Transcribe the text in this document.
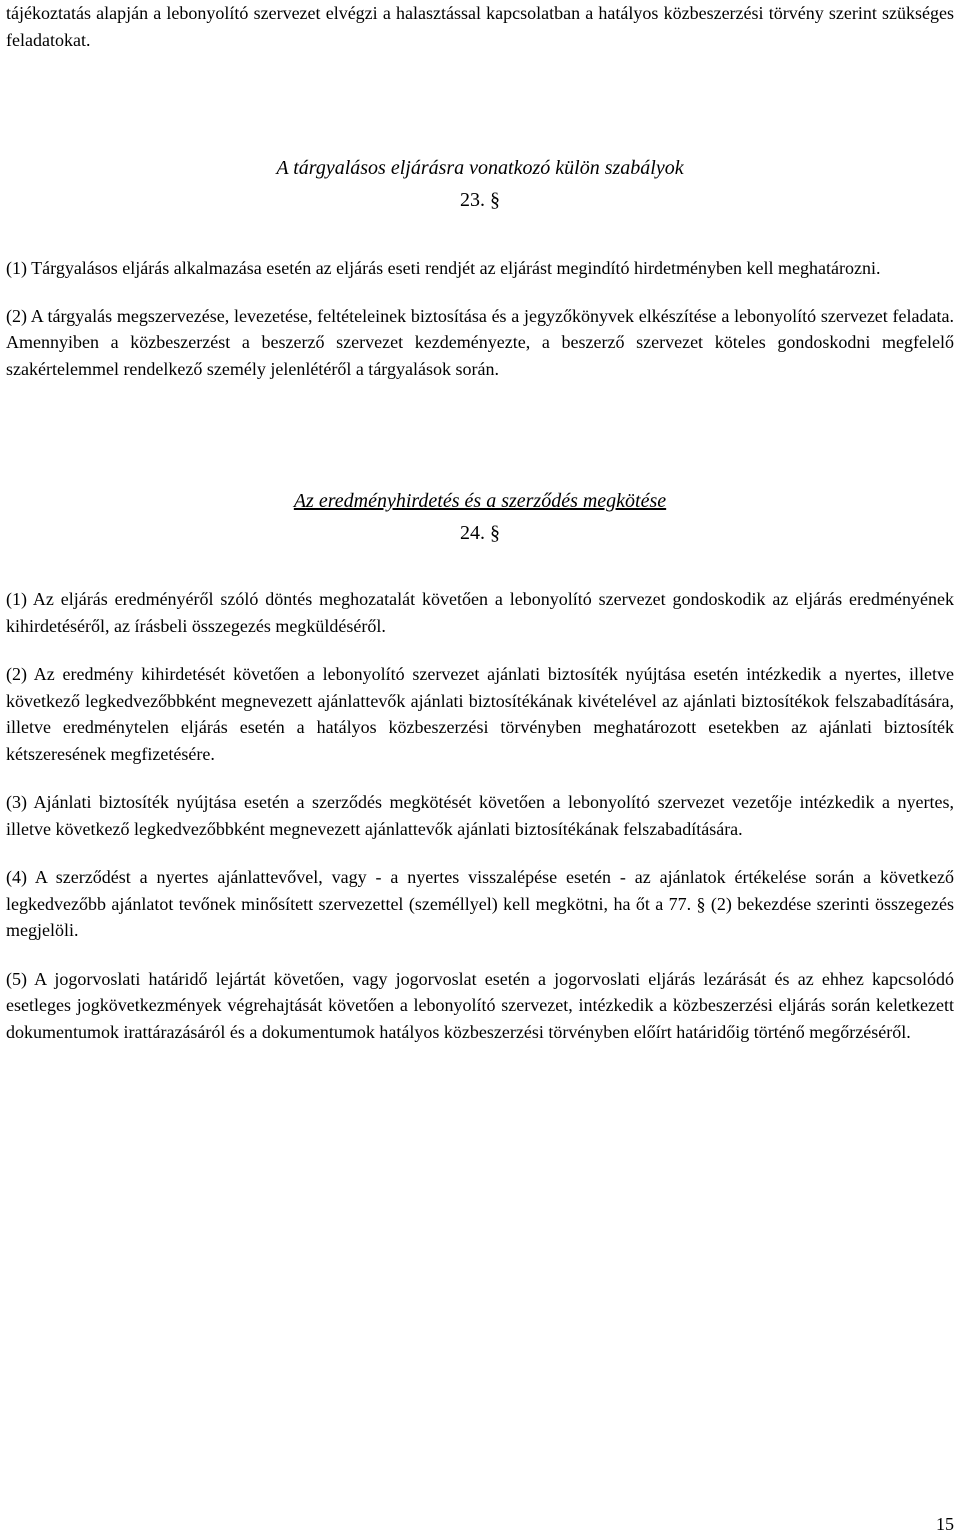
tájékoztatás alapján a lebonyolító szervezet elvégzi a halasztással kapcsolatban a hatályos közbeszerzési törvény szerint szükséges feladatokat.

A tárgyalásos eljárásra vonatkozó külön szabályok
23. §

(1) Tárgyalásos eljárás alkalmazása esetén az eljárás eseti rendjét az eljárást megindító hirdetményben kell meghatározni.

(2) A tárgyalás megszervezése, levezetése, feltételeinek biztosítása és a jegyzőkönyvek elkészítése a lebonyolító szervezet feladata. Amennyiben a közbeszerzést a beszerző szervezet kezdeményezte, a beszerző szervezet köteles gondoskodni megfelelő szakértelemmel rendelkező személy jelenlétéről a tárgyalások során.

Az eredményhirdetés és a szerződés megkötése
24. §

(1) Az eljárás eredményéről szóló döntés meghozatalát követően a lebonyolító szervezet gondoskodik az eljárás eredményének kihirdetéséről, az írásbeli összegezés megküldéséről.

(2) Az eredmény kihirdetését követően a lebonyolító szervezet ajánlati biztosíték nyújtása esetén intézkedik a nyertes, illetve következő legkedvezőbbként megnevezett ajánlattevők ajánlati biztosítékának kivételével az ajánlati biztosítékok felszabadítására, illetve eredménytelen eljárás esetén a hatályos közbeszerzési törvényben meghatározott esetekben az ajánlati biztosíték kétszeresének megfizetésére.

(3) Ajánlati biztosíték nyújtása esetén a szerződés megkötését követően a lebonyolító szervezet vezetője intézkedik a nyertes, illetve következő legkedvezőbbként megnevezett ajánlattevők ajánlati biztosítékának felszabadítására.

(4) A szerződést a nyertes ajánlattevővel, vagy - a nyertes visszalépése esetén - az ajánlatok értékelése során a következő legkedvezőbb ajánlatot tevőnek minősített szervezettel (személlyel) kell megkötni, ha őt a 77. § (2) bekezdése szerinti összegezés megjelöli.

(5) A jogorvoslati határidő lejártát követően, vagy jogorvoslat esetén a jogorvoslati eljárás lezárását és az ehhez kapcsolódó esetleges jogkövetkezmények végrehajtását követően a lebonyolító szervezet, intézkedik a közbeszerzési eljárás során keletkezett dokumentumok irattárazásáról és a dokumentumok hatályos közbeszerzési törvényben előírt határidőig történő megőrzéséről.

15
